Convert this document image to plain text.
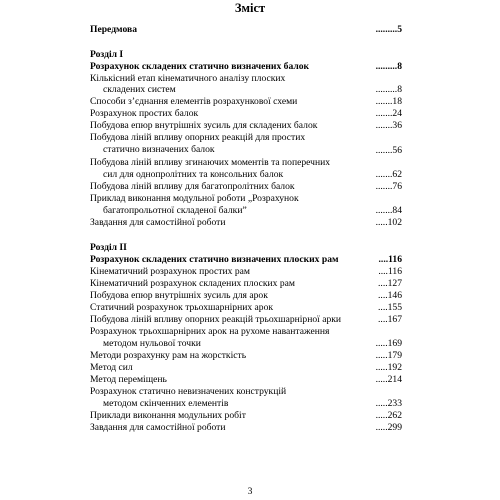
Зміст
Передмова	.........5
Розділ I
Розрахунок складених статично визначених балок	.........8
Кількісний етап кінематичного аналізу плоских
складених систем	.........8
Способи з’єднання елементів розрахункової схеми	.......18
Розрахунок простих балок	.......24
Побудова епюр внутрішніх зусиль для складених балок	.......36
Побудова ліній впливу опорних реакцій для простих
статично визначених балок	.......56
Побудова ліній впливу згинаючих моментів та поперечних
сил для однопролітних та консольних балок	.......62
Побудова ліній впливу для багатопролітних балок	.......76
Приклад виконання модульної роботи „Розрахунок
багатопрольотної складеної балки”	.......84
Завдання для самостійної роботи	.....102
Розділ II
Розрахунок складених статично визначених плоских рам	....116
Кінематичний розрахунок простих рам	....116
Кінематичний розрахунок складених плоских рам	....127
Побудова епюр внутрішніх зусиль для арок	....146
Статичний розрахунок трьохшарнірних арок	....155
Побудова ліній впливу опорних реакцій трьохшарнірної арки	....167
Розрахунок трьохшарнірних арок на рухоме навантаження
методом нульової точки	.....169
Методи розрахунку рам на жорсткість	.....179
Метод сил	.....192
Метод переміщень	.....214
Розрахунок статично невизначених конструкцій
методом скінченних елементів	.....233
Приклади виконання модульних робіт	.....262
Завдання для самостійної роботи	.....299
3
